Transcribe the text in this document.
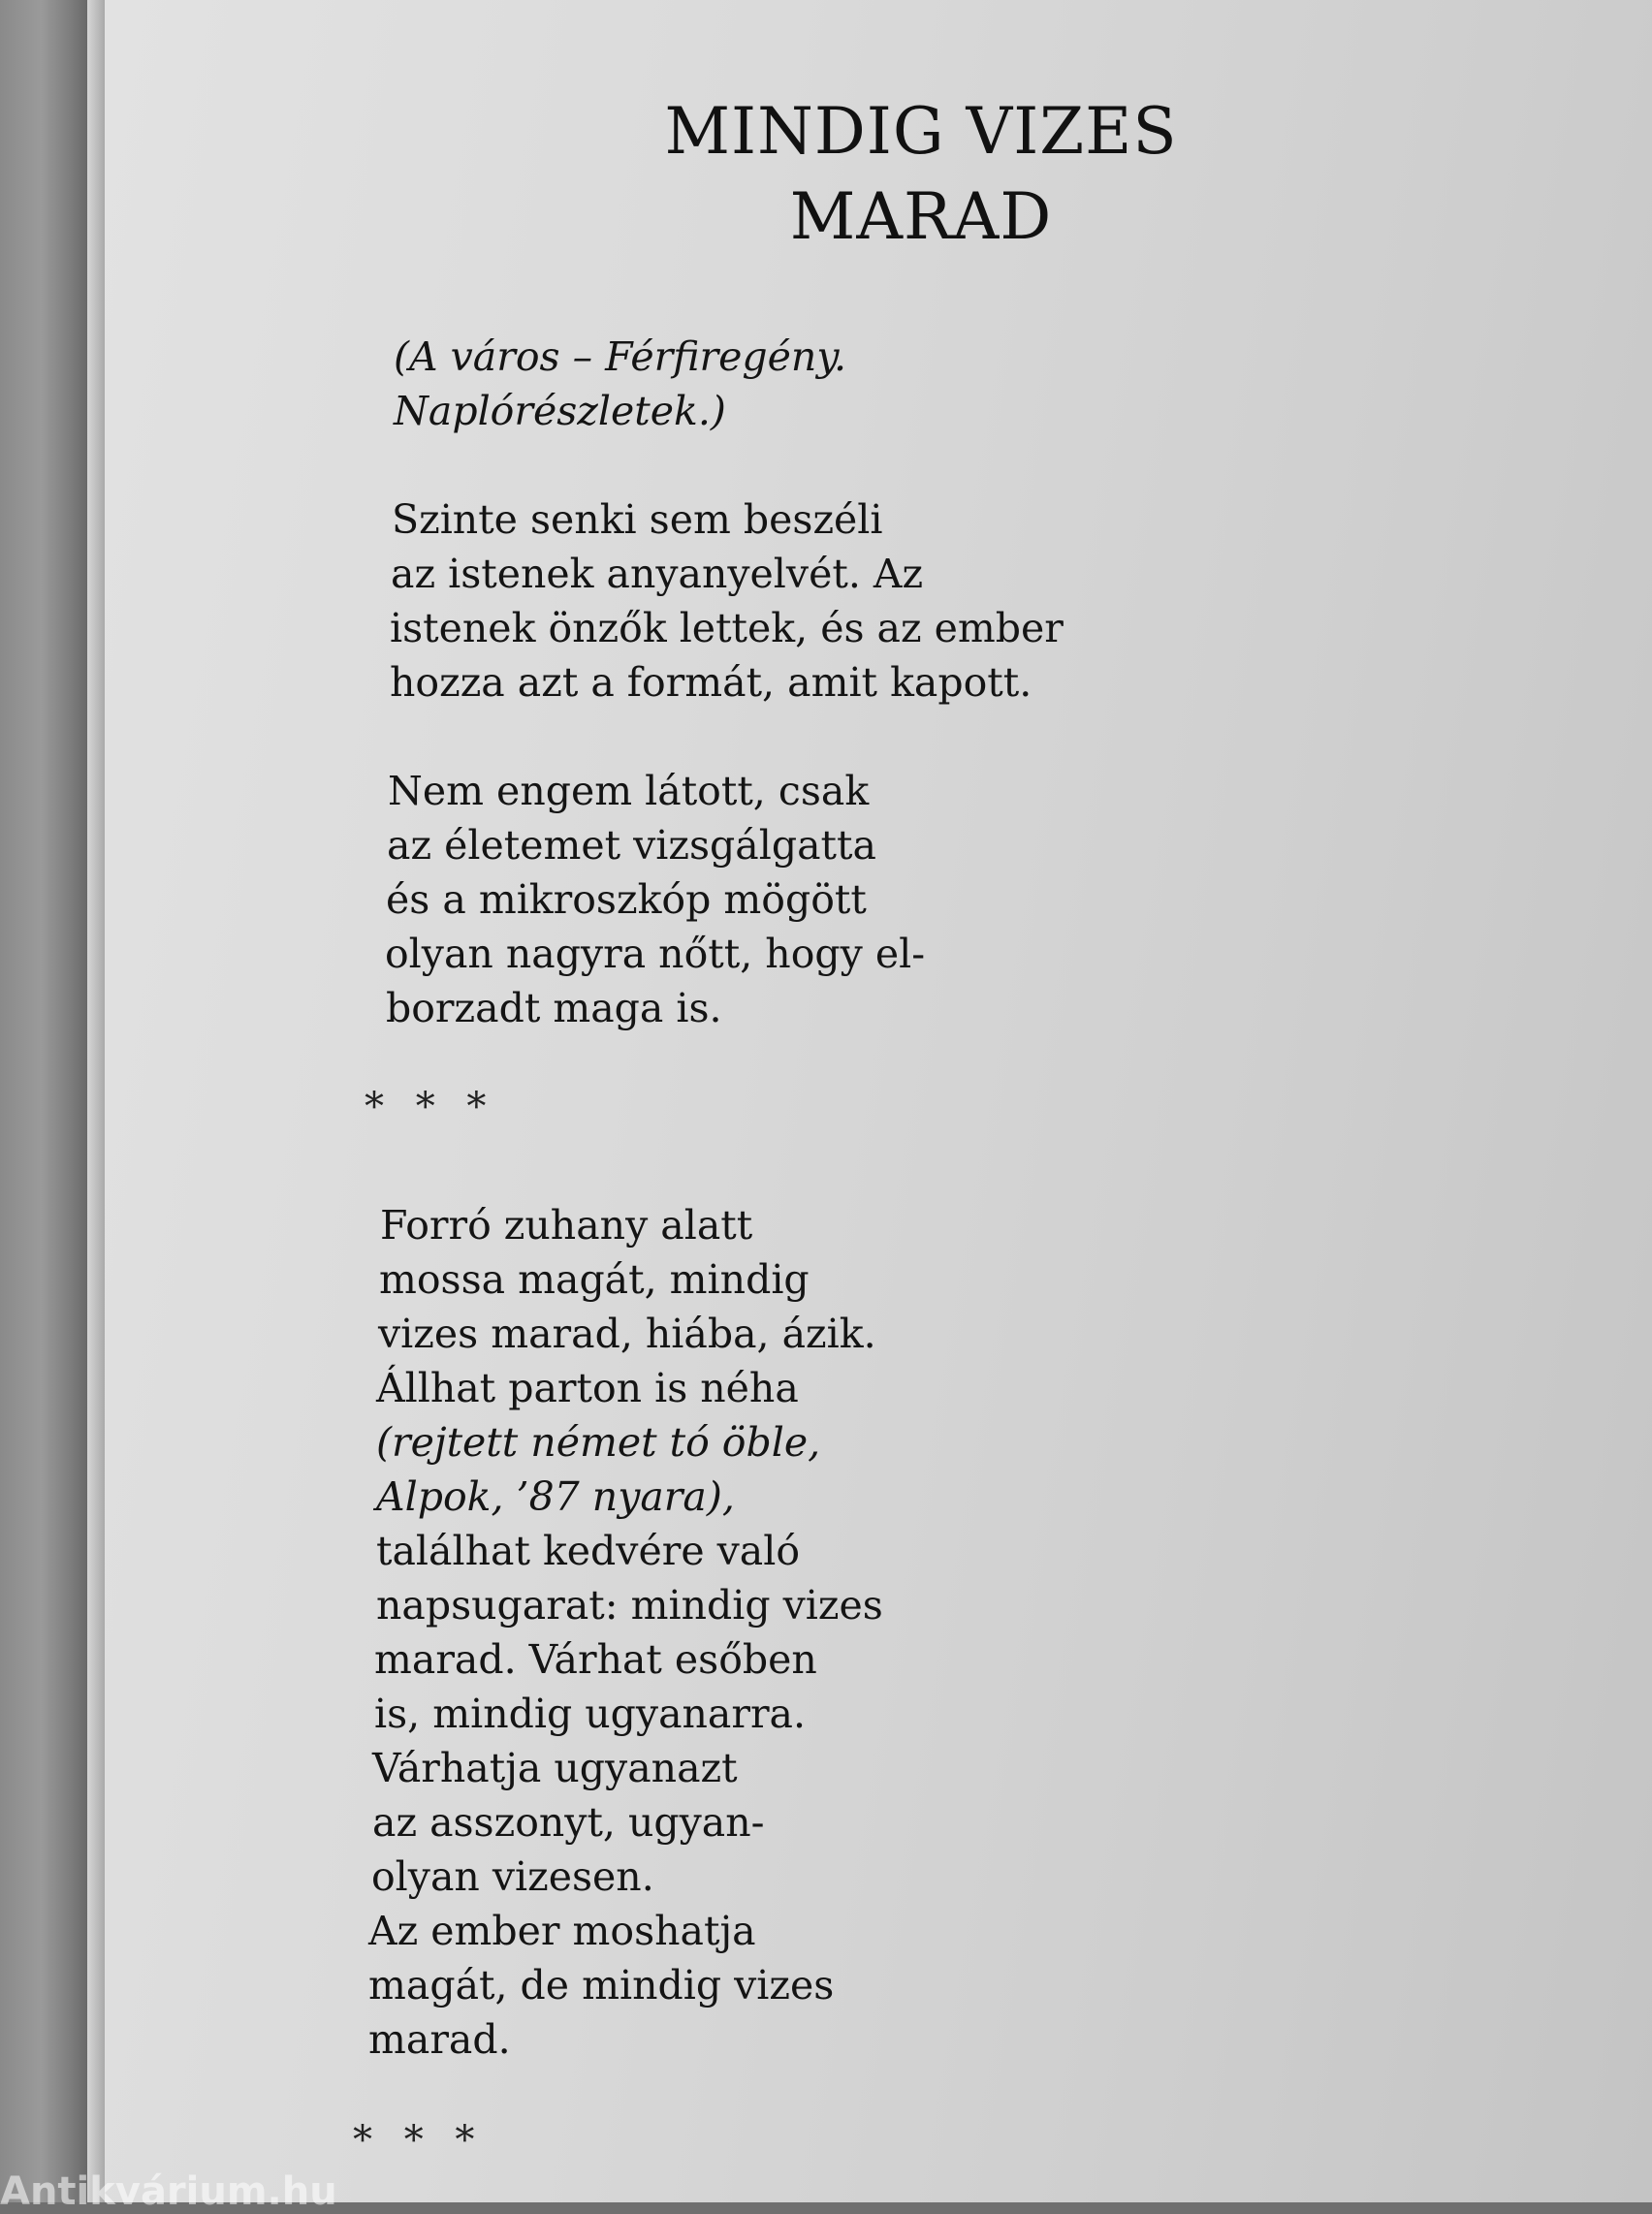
MINDIG VIZES
MARAD

(A város – Férfiregény.

Naplórészletek.)

Szinte senki sem beszéli

az istenek anyanyelvét. Az

istenek önzők lettek, és az ember

hozza azt a formát, amit kapott.

Nem engem látott, csak

az életemet vizsgálgatta

és a mikroszkóp mögött

olyan nagyra nőtt, hogy el-

borzadt maga is.

* * *

Forró zuhany alatt

mossa magát, mindig

vizes marad, hiába, ázik.

Állhat parton is néha

(rejtett német tó öble,

Alpok, ’87 nyara),

találhat kedvére való

napsugarat: mindig vizes

marad. Várhat esőben

is, mindig ugyanarra.

Várhatja ugyanazt

az asszonyt, ugyan-

olyan vizesen.

Az ember moshatja

magát, de mindig vizes

marad.

* * *
Antikvárium.hu
